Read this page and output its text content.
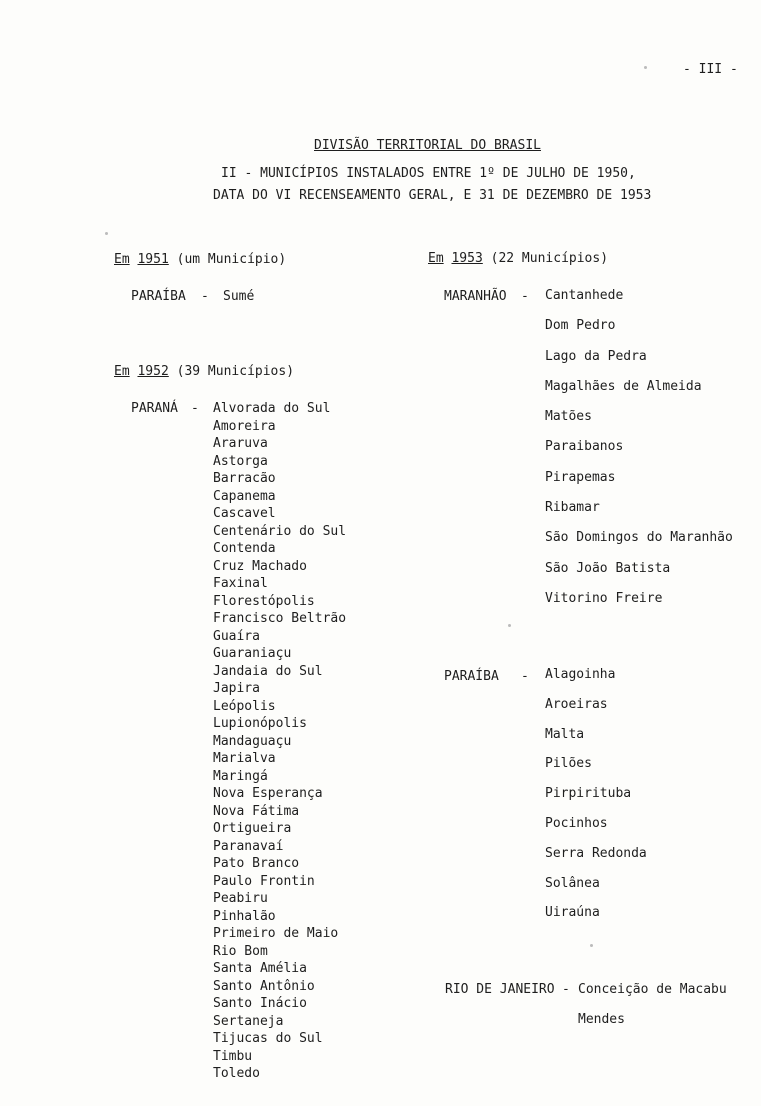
- III -
DIVISÃO TERRITORIAL DO BRASIL
II - MUNICÍPIOS INSTALADOS ENTRE 1º DE JULHO DE 1950,
DATA DO VI RECENSEAMENTO GERAL, E 31 DE DEZEMBRO DE 1953
Em 1951 (um Município)
PARAÍBA - Sumé
Em 1952 (39 Municípios)
PARANÁ - Alvorada do Sul
Amoreira
Araruva
Astorga
Barracão
Capanema
Cascavel
Centenário do Sul
Contenda
Cruz Machado
Faxinal
Florestópolis
Francisco Beltrão
Guaíra
Guaraniaçu
Jandaia do Sul
Japira
Leópolis
Lupionópolis
Mandaguaçu
Marialva
Maringá
Nova Esperança
Nova Fátima
Ortigueira
Paranavaí
Pato Branco
Paulo Frontin
Peabiru
Pinhalão
Primeiro de Maio
Rio Bom
Santa Amélia
Santo Antônio
Santo Inácio
Sertaneja
Tijucas do Sul
Timbu
Toledo
Em 1953 (22 Municípios)
MARANHÃO - Cantanhede
Dom Pedro
Lago da Pedra
Magalhães de Almeida
Matões
Paraibanos
Pirapemas
Ribamar
São Domingos do Maranhão
São João Batista
Vitorino Freire
PARAÍBA - Alagoinha
Aroeiras
Malta
Pilões
Pirpirituba
Pocinhos
Serra Redonda
Solânea
Uiraúna
RIO DE JANEIRO - Conceição de Macabu
Mendes
